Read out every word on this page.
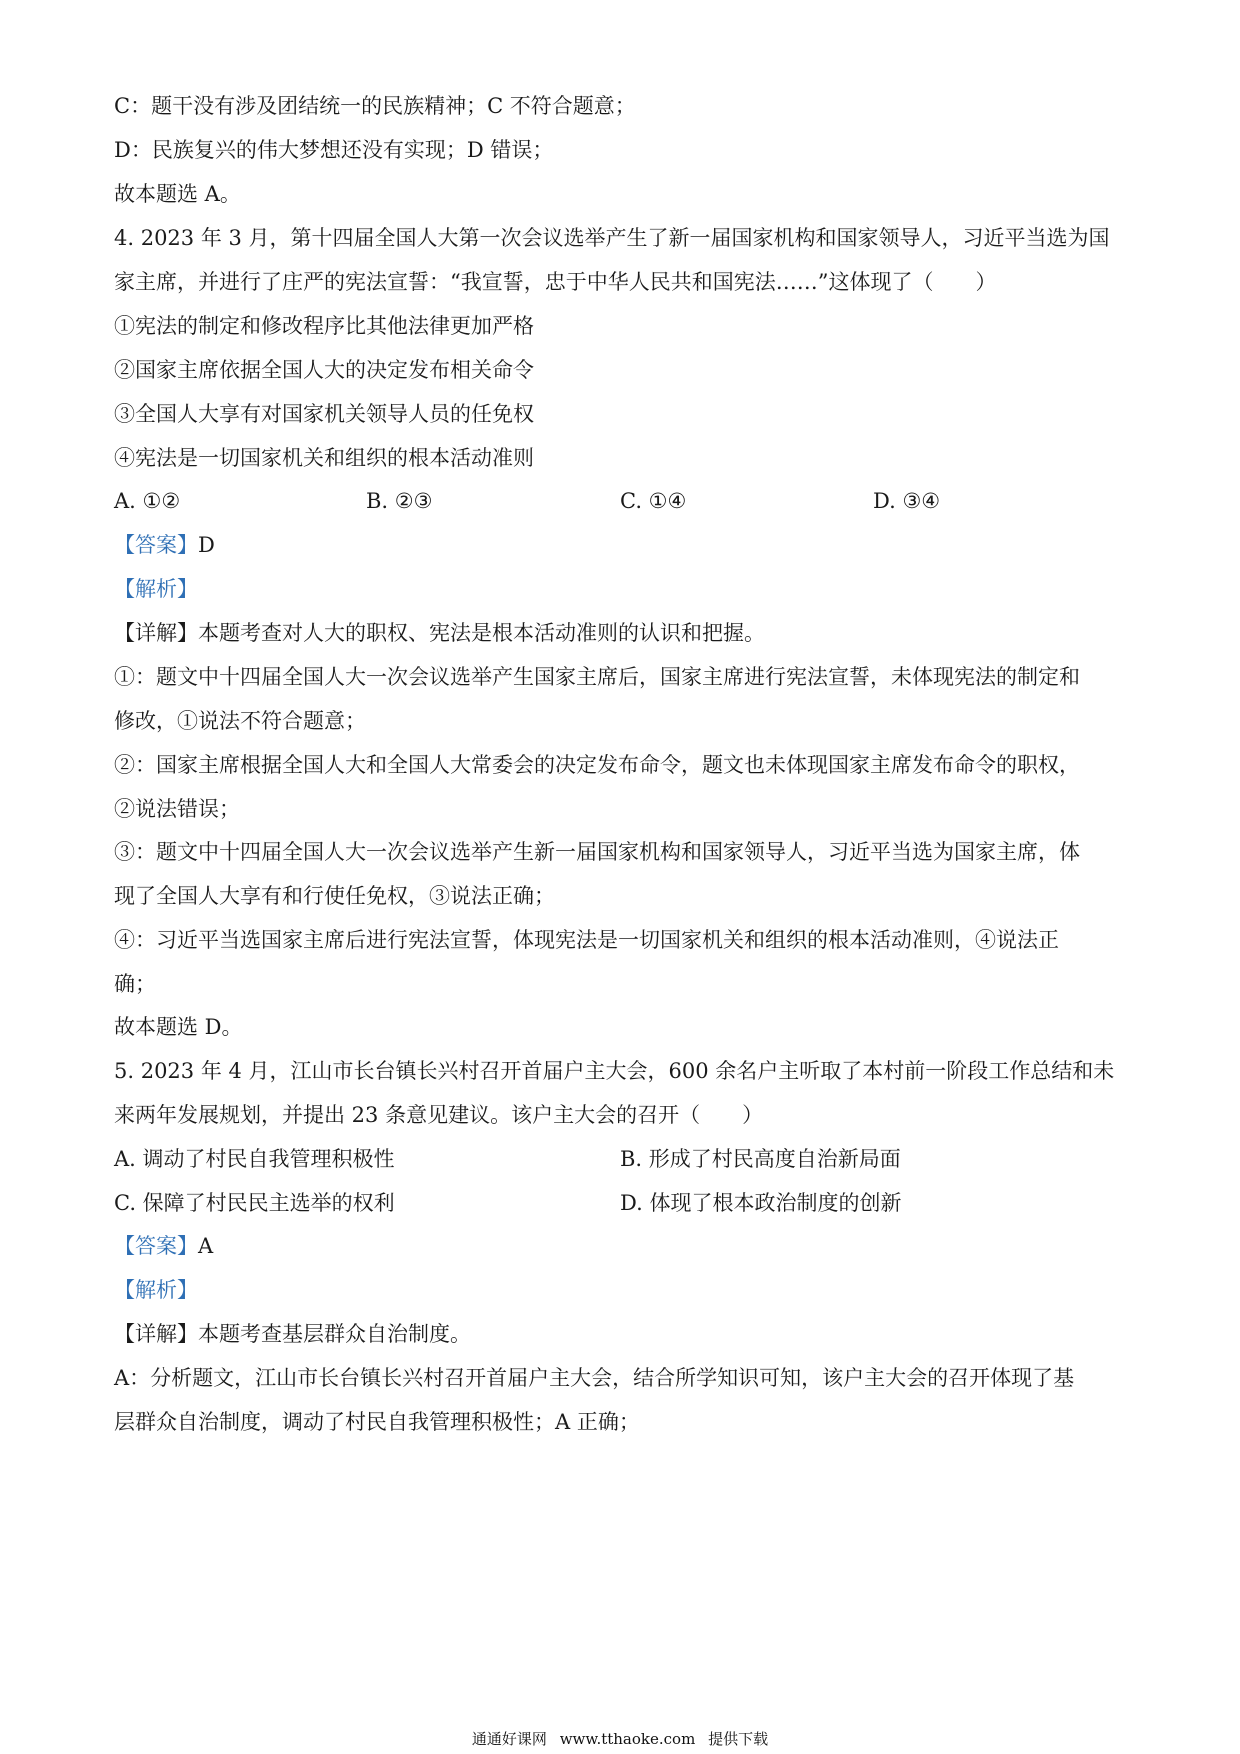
C：题干没有涉及团结统一的民族精神；C 不符合题意；
D：民族复兴的伟大梦想还没有实现；D 错误；
故本题选 A。
4. 2023 年 3 月，第十四届全国人大第一次会议选举产生了新一届国家机构和国家领导人，习近平当选为国
家主席，并进行了庄严的宪法宣誓：“我宣誓，忠于中华人民共和国宪法……”这体现了（　　）
①宪法的制定和修改程序比其他法律更加严格
②国家主席依据全国人大的决定发布相关命令
③全国人大享有对国家机关领导人员的任免权
④宪法是一切国家机关和组织的根本活动准则
A. ①②	B. ②③	C. ①④	D. ③④
【答案】D
【解析】
【详解】本题考查对人大的职权、宪法是根本活动准则的认识和把握。
①：题文中十四届全国人大一次会议选举产生国家主席后，国家主席进行宪法宣誓，未体现宪法的制定和
修改，①说法不符合题意；
②：国家主席根据全国人大和全国人大常委会的决定发布命令，题文也未体现国家主席发布命令的职权，
②说法错误；
③：题文中十四届全国人大一次会议选举产生新一届国家机构和国家领导人，习近平当选为国家主席，体
现了全国人大享有和行使任免权，③说法正确；
④：习近平当选国家主席后进行宪法宣誓，体现宪法是一切国家机关和组织的根本活动准则，④说法正
确；
故本题选 D。
5. 2023 年 4 月，江山市长台镇长兴村召开首届户主大会，600 余名户主听取了本村前一阶段工作总结和未
来两年发展规划，并提出 23 条意见建议。该户主大会的召开（　　）
A. 调动了村民自我管理积极性	B. 形成了村民高度自治新局面
C. 保障了村民民主选举的权利	D. 体现了根本政治制度的创新
【答案】A
【解析】
【详解】本题考查基层群众自治制度。
A：分析题文，江山市长台镇长兴村召开首届户主大会，结合所学知识可知，该户主大会的召开体现了基
层群众自治制度，调动了村民自我管理积极性；A 正确；
通通好课网 www.tthaoke.com 提供下载
